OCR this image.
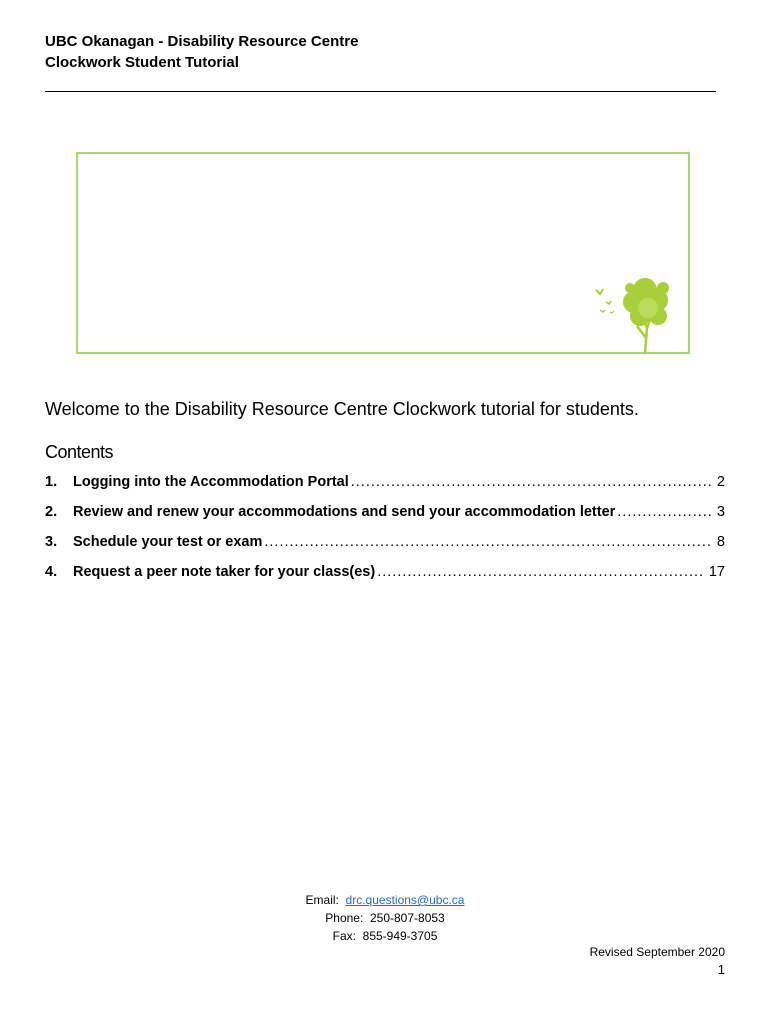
UBC Okanagan - Disability Resource Centre
Clockwork Student Tutorial
Welcome to the Disability Resource Centre Clockwork tutorial for students.
Contents
1.	Logging into the Accommodation Portal .....	2
2.	Review and renew your accommodations and send your accommodation letter .....	3
3.	Schedule your test or exam .....	8
4.	Request a peer note taker for your class(es) .....	17
Email: drc.questions@ubc.ca
Phone: 250-807-8053
Fax: 855-949-3705
Revised September 2020
1
